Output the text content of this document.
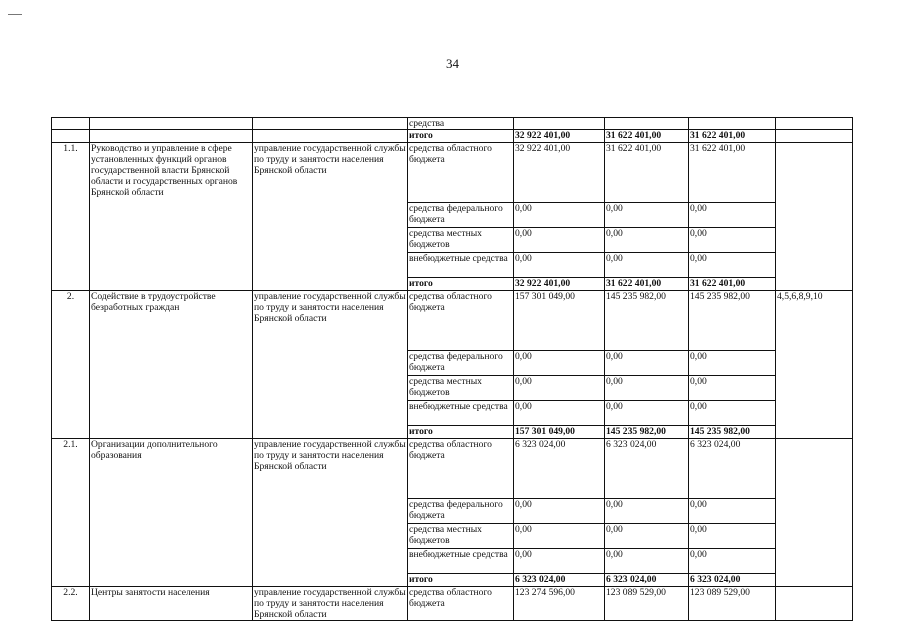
34
			средства				
			итого	32 922 401,00	31 622 401,00	31 622 401,00	
1.1.	Руководство и управление в сфере установленных функций органов государственной власти Брянской области и государственных органов Брянской области	управление государственной службы по труду и занятости населения Брянской области	средства областного бюджета	32 922 401,00	31 622 401,00	31 622 401,00	
			средства федерального бюджета	0,00	0,00	0,00	
			средства местных бюджетов	0,00	0,00	0,00	
			внебюджетные средства	0,00	0,00	0,00	
			итого	32 922 401,00	31 622 401,00	31 622 401,00	
2.	Содействие в трудоустройстве безработных граждан	управление государственной службы по труду и занятости населения Брянской области	средства областного бюджета	157 301 049,00	145 235 982,00	145 235 982,00	4,5,6,8,9,10
			средства федерального бюджета	0,00	0,00	0,00	
			средства местных бюджетов	0,00	0,00	0,00	
			внебюджетные средства	0,00	0,00	0,00	
			итого	157 301 049,00	145 235 982,00	145 235 982,00	
2.1.	Организации дополнительного образования	управление государственной службы по труду и занятости населения Брянской области	средства областного бюджета	6 323 024,00	6 323 024,00	6 323 024,00	
			средства федерального бюджета	0,00	0,00	0,00	
			средства местных бюджетов	0,00	0,00	0,00	
			внебюджетные средства	0,00	0,00	0,00	
			итого	6 323 024,00	6 323 024,00	6 323 024,00	
2.2.	Центры занятости населения	управление государственной службы по труду и занятости населения Брянской области	средства областного бюджета	123 274 596,00	123 089 529,00	123 089 529,00	
